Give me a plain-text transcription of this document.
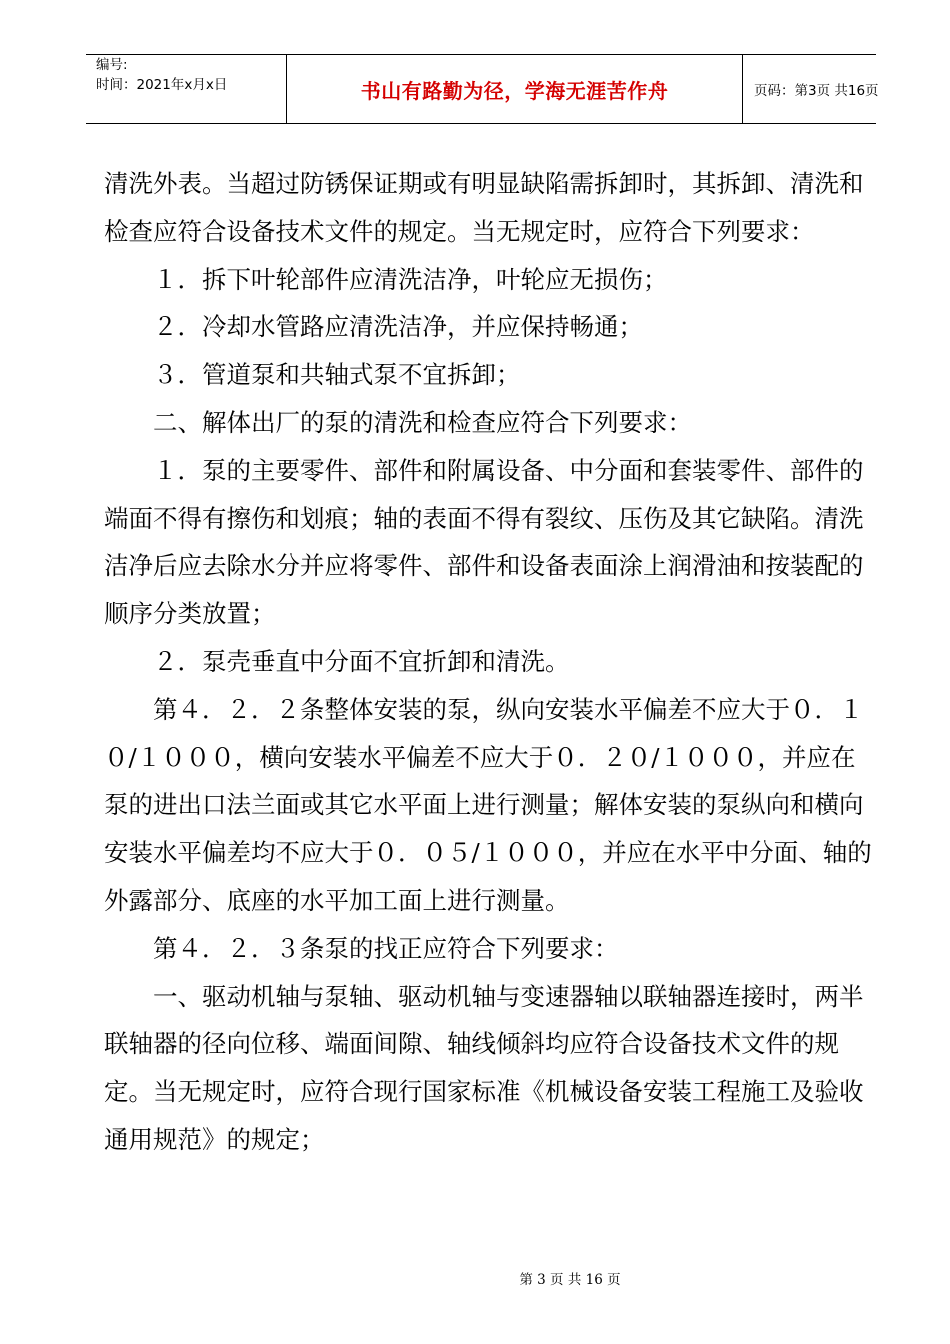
编号:
时间：2021年x月x日	书山有路勤为径，学海无涯苦作舟	页码：第3页 共16页

清洗外表。当超过防锈保证期或有明显缺陷需拆卸时，其拆卸、清洗和检查应符合设备技术文件的规定。当无规定时，应符合下列要求：

１．拆下叶轮部件应清洗洁净，叶轮应无损伤；

２．冷却水管路应清洗洁净，并应保持畅通；

３．管道泵和共轴式泵不宜拆卸；

二、解体出厂的泵的清洗和检查应符合下列要求：

１．泵的主要零件、部件和附属设备、中分面和套装零件、部件的端面不得有擦伤和划痕；轴的表面不得有裂纹、压伤及其它缺陷。清洗洁净后应去除水分并应将零件、部件和设备表面涂上润滑油和按装配的顺序分类放置；

２．泵壳垂直中分面不宜折卸和清洗。

第４．２．２条整体安装的泵，纵向安装水平偏差不应大于０．１０/１０００，横向安装水平偏差不应大于０．２０/１０００，并应在泵的进出口法兰面或其它水平面上进行测量；解体安装的泵纵向和横向安装水平偏差均不应大于０．０５/１０００，并应在水平中分面、轴的外露部分、底座的水平加工面上进行测量。

第４．２．３条泵的找正应符合下列要求：

一、驱动机轴与泵轴、驱动机轴与变速器轴以联轴器连接时，两半联轴器的径向位移、端面间隙、轴线倾斜均应符合设备技术文件的规定。当无规定时，应符合现行国家标准《机械设备安装工程施工及验收通用规范》的规定；

第 3 页 共 16 页
